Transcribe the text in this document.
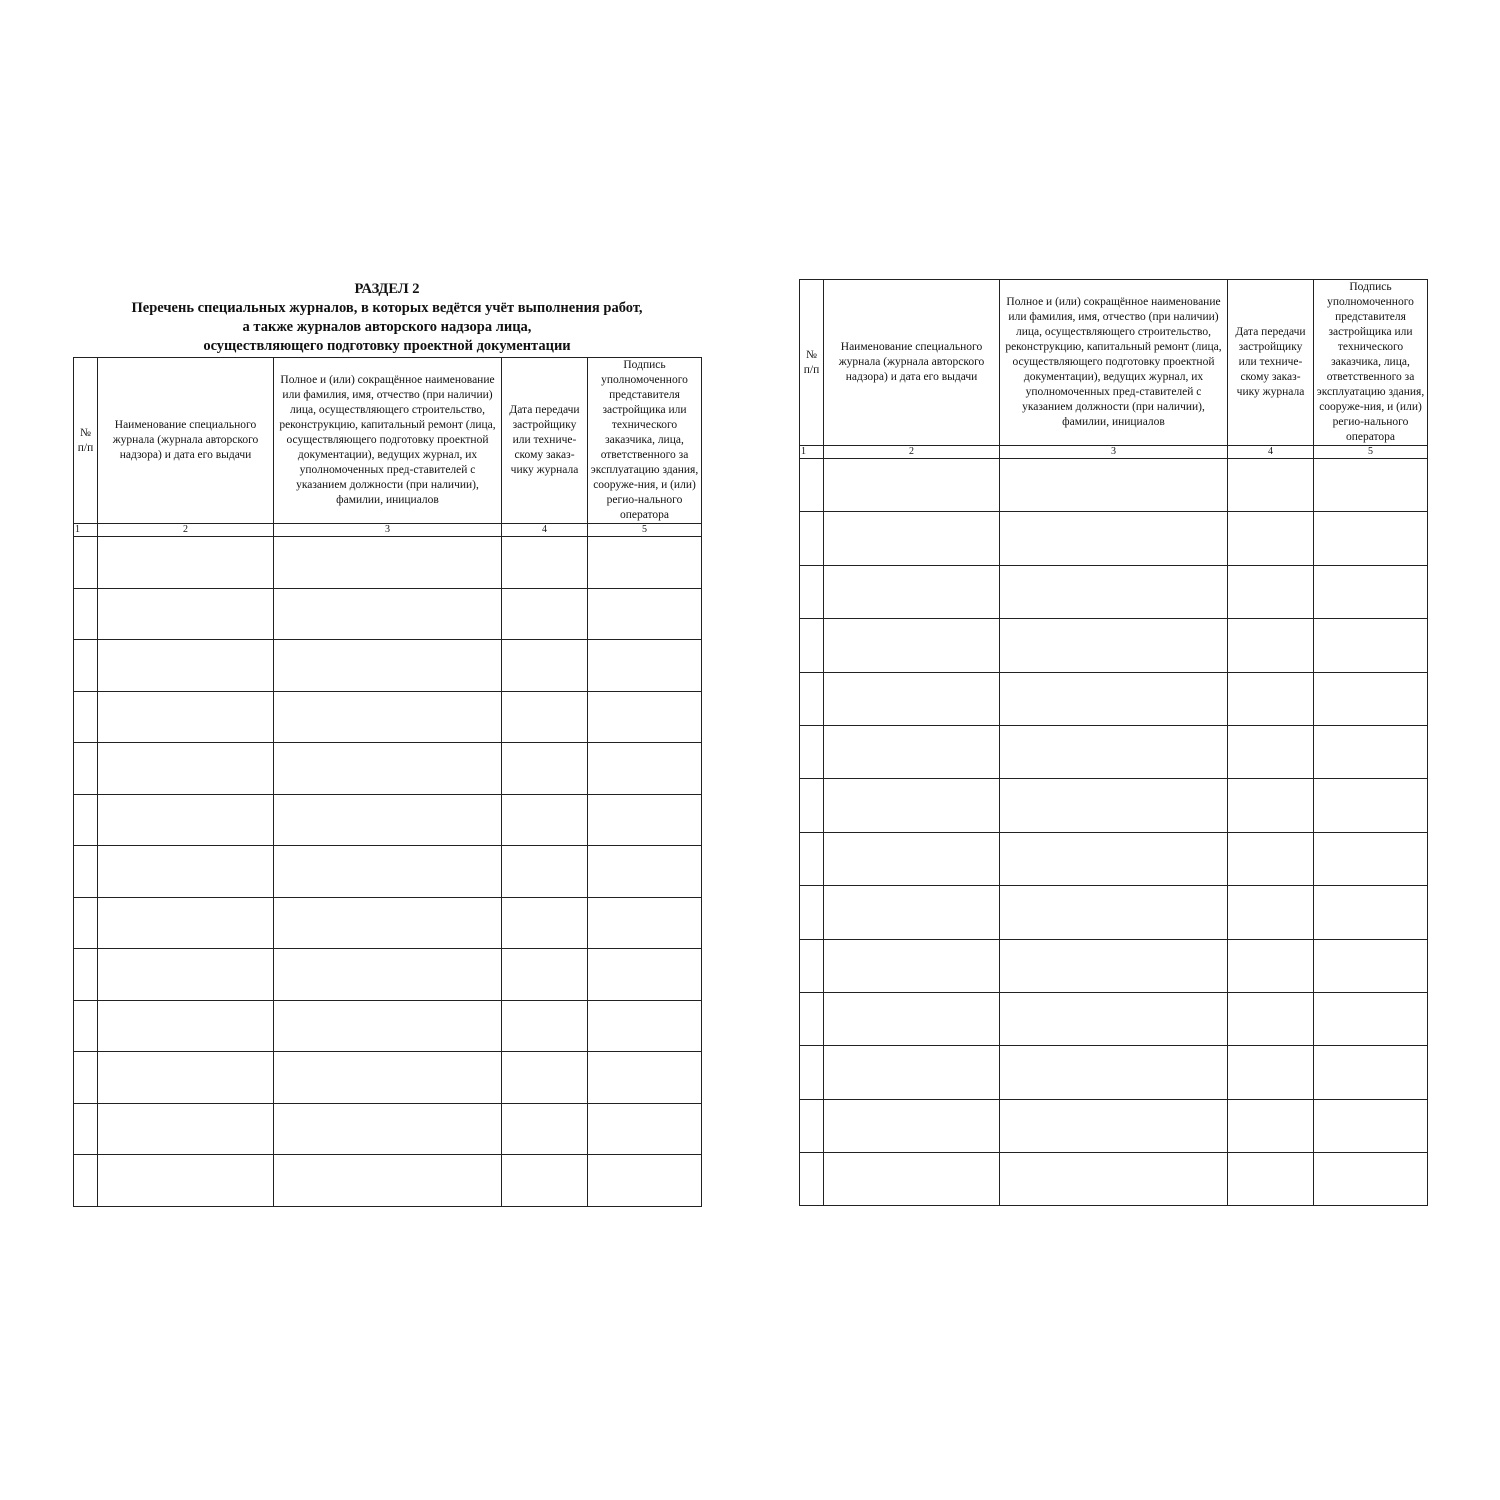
РАЗДЕЛ 2
Перечень специальных журналов, в которых ведётся учёт выполнения работ,
а также журналов авторского надзора лица,
осуществляющего подготовку проектной документации
№ п/п	Наименование специального журнала (журнала авторского надзора) и дата его выдачи	Полное и (или) сокращённое наименование или фамилия, имя, отчество (при наличии) лица, осуществляющего строительство, реконструкцию, капитальный ремонт (лица, осуществляющего подготовку проектной документации), ведущих журнал, их уполномоченных пред-ставителей с указанием должности (при наличии), фамилии, инициалов	Дата передачи застройщику или техниче-скому заказ-чику журнала	Подпись уполномоченного представителя застройщика или технического заказчика, лица, ответственного за эксплуатацию здания, сооруже-ния, и (или) регио-нального оператора
1	2	3	4	5

№ п/п	Наименование специального журнала (журнала авторского надзора) и дата его выдачи	Полное и (или) сокращённое наименование или фамилия, имя, отчество (при наличии) лица, осуществляющего строительство, реконструкцию, капитальный ремонт (лица, осуществляющего подготовку проектной документации), ведущих журнал, их уполномоченных пред-ставителей с указанием должности (при наличии), фамилии, инициалов	Дата передачи застройщику или техниче-скому заказ-чику журнала	Подпись уполномоченного представителя застройщика или технического заказчика, лица, ответственного за эксплуатацию здания, сооруже-ния, и (или) регио-нального оператора
1	2	3	4	5
